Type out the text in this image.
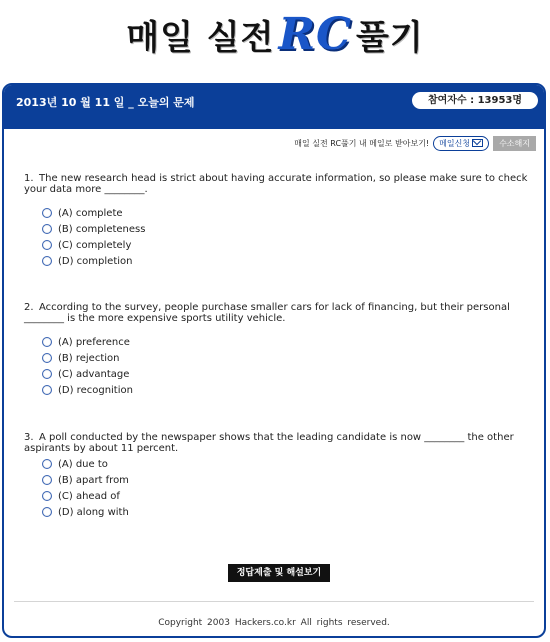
매일 실전RC 풀기
2013년 10 월 11 일 _ 오늘의 문제	참여자수 : 13953명
매일 실전 RC풀기 내 메일로 받아보기! 메일신청	수소해지

1. The new research head is strict about having accurate information, so please make sure to check your data more ________.

(A) complete
(B) completeness
(C) completely
(D) completion

2. According to the survey, people purchase smaller cars for lack of financing, but their personal ________ is the more expensive sports utility vehicle.

(A) preference
(B) rejection
(C) advantage
(D) recognition

3. A poll conducted by the newspaper shows that the leading candidate is now ________ the other aspirants by about 11 percent.

(A) due to
(B) apart from
(C) ahead of
(D) along with
정답제출 및 해설보기
Copyright 2003 Hackers.co.kr All rights reserved.
